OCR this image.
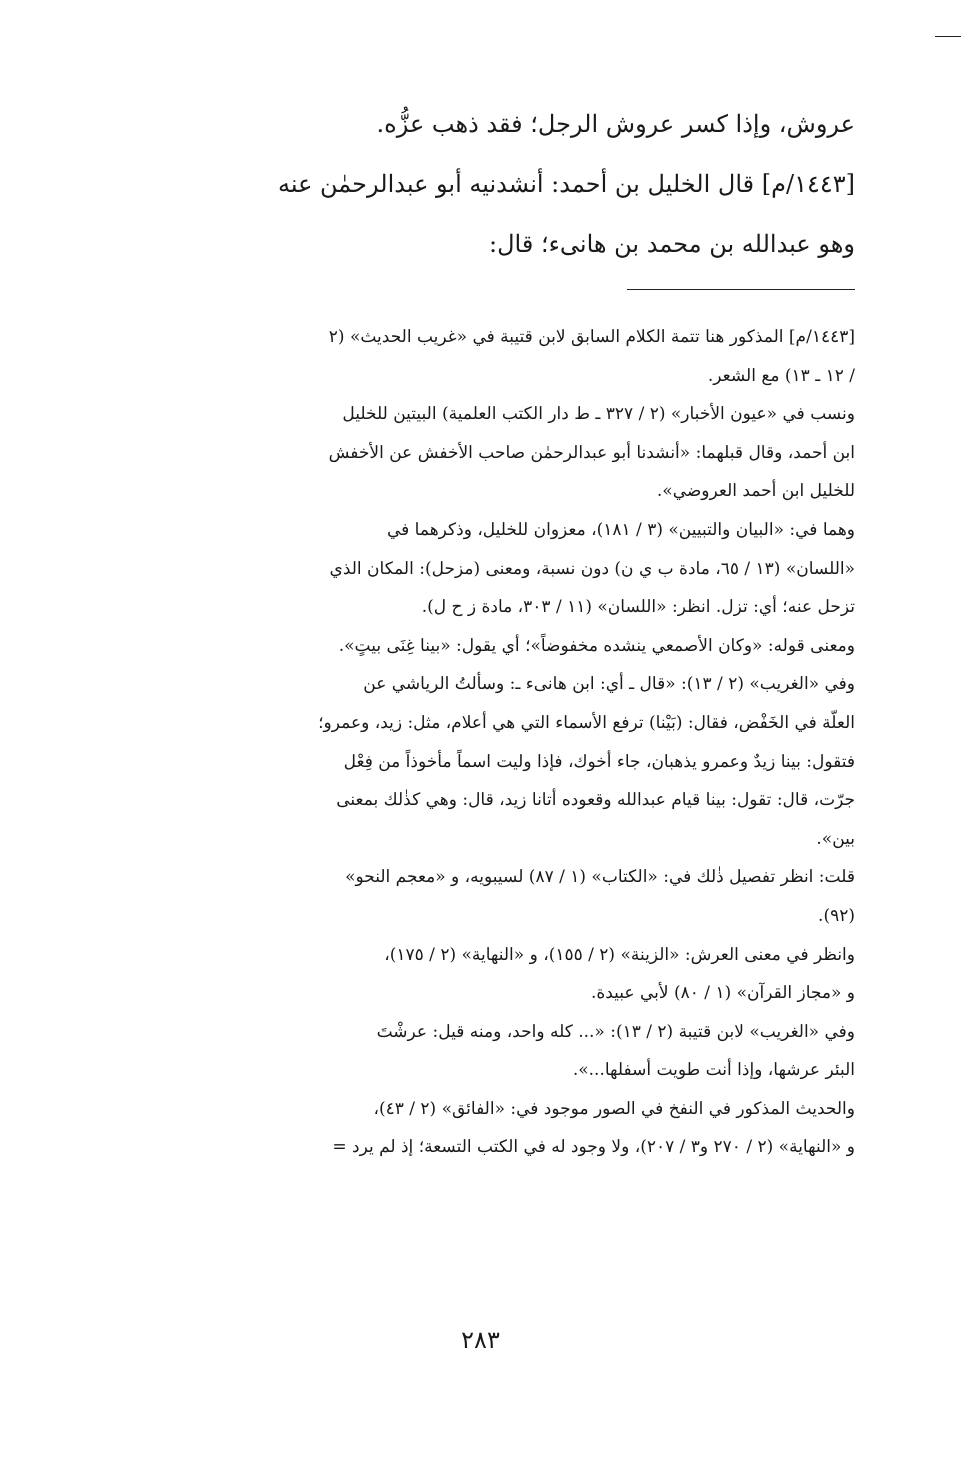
عروش، وإذا كسر عروش الرجل؛ فقد ذهب عزُّه.

[١٤٤٣/م] قال الخليل بن أحمد: أنشدنيه أبو عبدالرحمٰن عنه
وهو عبدالله بن محمد بن هانىء؛ قال:

[١٤٤٣/م] المذكور هنا تتمة الكلام السابق لابن قتيبة في «غريب الحديث» (٢
/ ١٢ ـ ١٣) مع الشعر.

ونسب في «عيون الأخبار» (٢ / ٣٢٧ ـ ط دار الكتب العلمية) البيتين للخليل
ابن أحمد، وقال قبلهما: «أنشدنا أبو عبدالرحمٰن صاحب الأخفش عن الأخفش
للخليل ابن أحمد العروضي».

وهما في: «البيان والتبيين» (٣ / ١٨١)، معزوان للخليل، وذكرهما في
«اللسان» (١٣ / ٦٥، مادة ب ي ن) دون نسبة، ومعنى (مزحل): المكان الذي
تزحل عنه؛ أي: تزل. انظر: «اللسان» (١١ / ٣٠٣، مادة ز ح ل).

ومعنى قوله: «وكان الأصمعي ينشده مخفوضاً»؛ أي يقول: «بينا غِنَى بيتٍ».

وفي «الغريب» (٢ / ١٣): «قال ـ أي: ابن هانىء ـ: وسألتُ الرياشي عن
العلّة في الخَفْض، فقال: (بَيْنا) ترفع الأسماء التي هي أعلام، مثل: زيد، وعمرو؛
فتقول: بينا زيدٌ وعمرو يذهبان، جاء أخوك، فإذا وليت اسماً مأخوذاً من فِعْل
جرّت، قال: تقول: بينا قيام عبدالله وقعوده أتانا زيد، قال: وهي كذٰلك بمعنى
بين».

قلت: انظر تفصيل ذٰلك في: «الكتاب» (١ / ٨٧) لسيبويه، و «معجم النحو»
(٩٢).

وانظر في معنى العرش: «الزينة» (٢ / ١٥٥)، و «النهاية» (٢ / ١٧٥)،
و «مجاز القرآن» (١ / ٨٠) لأبي عبيدة.

وفي «الغريب» لابن قتيبة (٢ / ١٣): «... كله واحد، ومنه قيل: عرشْتَ
البئر عرشها، وإذا أنت طويت أسفلها...».

والحديث المذكور في النفخ في الصور موجود في: «الفائق» (٢ / ٤٣)،
و «النهاية» (٢ / ٢٧٠ و٣ / ٢٠٧)، ولا وجود له في الكتب التسعة؛ إذ لم يرد =

٢٨٣
